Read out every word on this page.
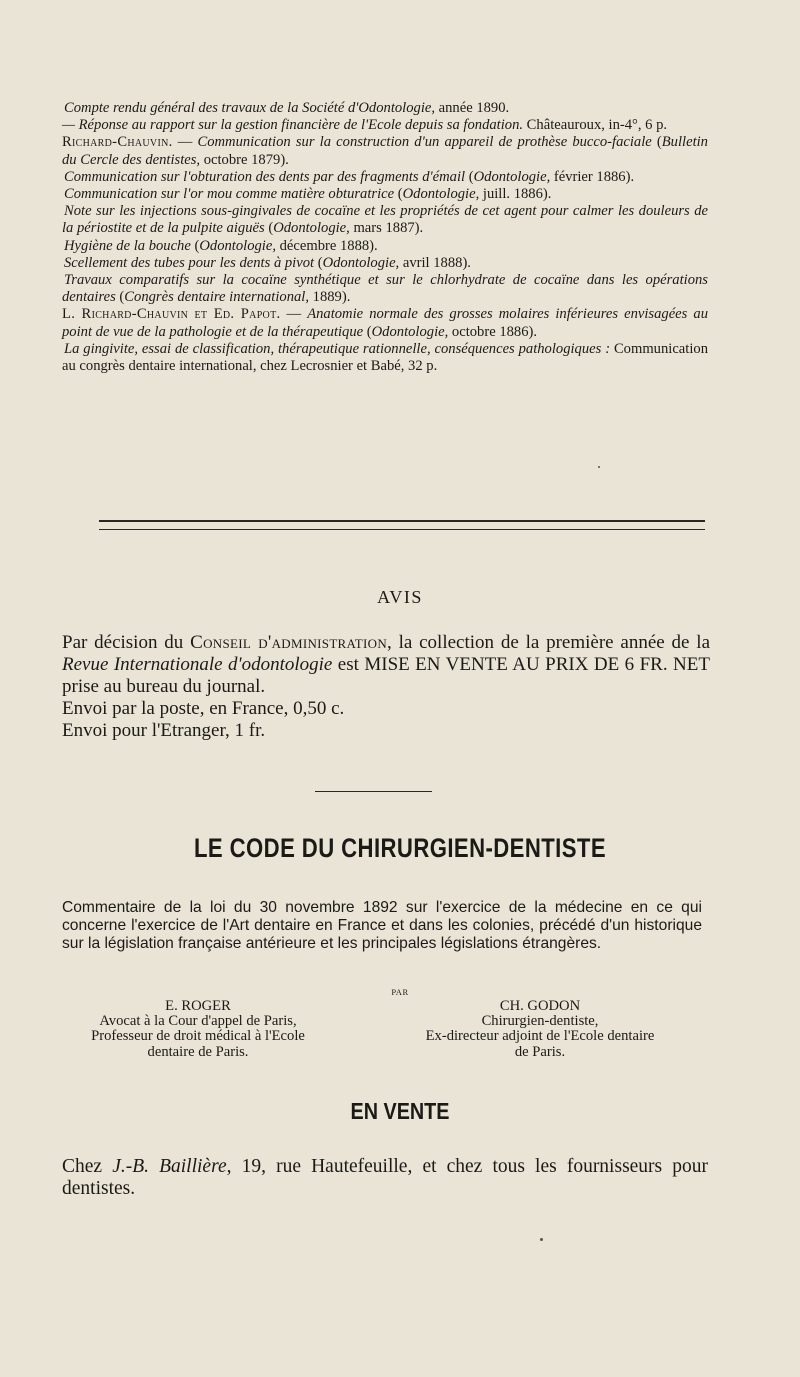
Compte rendu général des travaux de la Société d'Odontologie, année 1890.

— Réponse au rapport sur la gestion financière de l'Ecole depuis sa fondation. Châteauroux, in-4°, 6 p.

Richard-Chauvin. — Communication sur la construction d'un appareil de prothèse bucco-faciale (Bulletin du Cercle des dentistes, octobre 1879).

Communication sur l'obturation des dents par des fragments d'émail (Odontologie, février 1886).

Communication sur l'or mou comme matière obturatrice (Odontologie, juill. 1886).

Note sur les injections sous-gingivales de cocaïne et les propriétés de cet agent pour calmer les douleurs de la périostite et de la pulpite aiguës (Odontologie, mars 1887).

Hygiène de la bouche (Odontologie, décembre 1888).

Scellement des tubes pour les dents à pivot (Odontologie, avril 1888).

Travaux comparatifs sur la cocaïne synthétique et sur le chlorhydrate de cocaïne dans les opérations dentaires (Congrès dentaire international, 1889).

L. Richard-Chauvin et Ed. Papot. — Anatomie normale des grosses molaires inférieures envisagées au point de vue de la pathologie et de la thérapeutique (Odontologie, octobre 1886).

La gingivite, essai de classification, thérapeutique rationnelle, conséquences pathologiques : Communication au congrès dentaire international, chez Lecrosnier et Babé, 32 p.

AVIS

Par décision du Conseil d'administration, la collection de la première année de la Revue Internationale d'odontologie est MISE EN VENTE AU PRIX DE 6 FR. NET prise au bureau du journal.

Envoi par la poste, en France, 0,50 c.

Envoi pour l'Etranger, 1 fr.

LE CODE DU CHIRURGIEN-DENTISTE

Commentaire de la loi du 30 novembre 1892 sur l'exercice de la médecine en ce qui concerne l'exercice de l'Art dentaire en France et dans les colonies, précédé d'un historique sur la législation française antérieure et les principales législations étrangères.

PAR
E. ROGER
Avocat à la Cour d'appel de Paris,
Professeur de droit médical à l'Ecole
dentaire de Paris.
CH. GODON
Chirurgien-dentiste,
Ex-directeur adjoint de l'Ecole dentaire
de Paris.
EN VENTE

Chez J.-B. Baillière, 19, rue Hautefeuille, et chez tous les fournisseurs pour dentistes.
